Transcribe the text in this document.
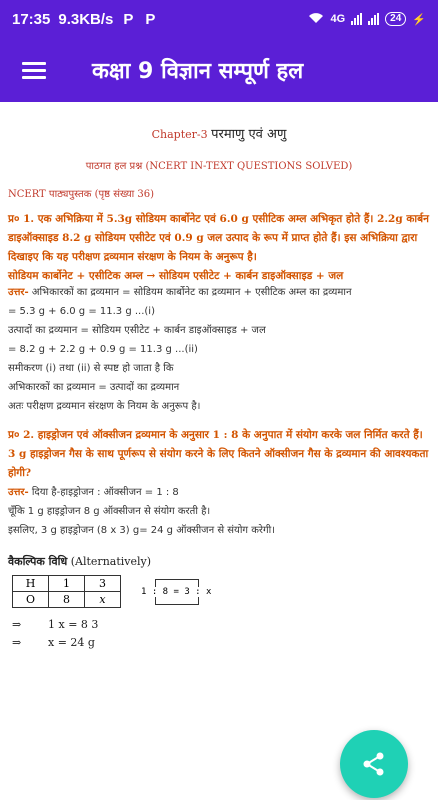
17:35 9.3KB/s P P	4G	24	⚡
कक्षा 9 विज्ञान सम्पूर्ण हल
Chapter-3 परमाणु एवं अणु
पाठगत हल प्रश्न (NCERT IN-TEXT QUESTIONS SOLVED)
NCERT पाठ्यपुस्तक (पृष्ठ संख्या 36)
प्र० 1. एक अभिक्रिया में 5.3g सोडियम कार्बोनेट एवं 6.0 g एसीटिक अम्ल अभिकृत होते हैं। 2.2g कार्बन डाइऑक्साइड 8.2 g सोडियम एसीटेट एवं 0.9 g जल उत्पाद के रूप में प्राप्त होते हैं। इस अभिक्रिया द्वारा दिखाइए कि यह परीक्षण द्रव्यमान संरक्षण के नियम के अनुरूप है।
सोडियम कार्बोनेट + एसीटिक अम्ल → सोडियम एसीटेट + कार्बन डाइऑक्साइड + जल
उत्तर- अभिकारकों का द्रव्यमान = सोडियम कार्बोनेट का द्रव्यमान + एसीटिक अम्ल का द्रव्यमान
= 5.3 g + 6.0 g = 11.3 g ...(i)
उत्पादों का द्रव्यमान = सोडियम एसीटेट + कार्बन डाइऑक्साइड + जल
= 8.2 g + 2.2 g + 0.9 g = 11.3 g ...(ii)
समीकरण (i) तथा (ii) से स्पष्ट हो जाता है कि
अभिकारकों का द्रव्यमान = उत्पादों का द्रव्यमान
अतः परीक्षण द्रव्यमान संरक्षण के नियम के अनुरूप है।
प्र० 2. हाइड्रोजन एवं ऑक्सीजन द्रव्यमान के अनुसार 1 : 8 के अनुपात में संयोग करके जल निर्मित करते हैं। 3 g हाइड्रोजन गैस के साथ पूर्णरूप से संयोग करने के लिए कितने ऑक्सीजन गैस के द्रव्यमान की आवश्यकता होगी?
उत्तर- दिया है-हाइड्रोजन : ऑक्सीजन = 1 : 8
चूँकि 1 g हाइड्रोजन 8 g ऑक्सीजन से संयोग करती है।
इसलिए, 3 g हाइड्रोजन (8 x 3) g= 24 g ऑक्सीजन से संयोग करेगी।
वैकल्पिक विधि (Alternatively)
H	1	3
O	8	x
1 : 8 = 3 : x
⇒	1 x = 8 3
⇒	x = 24 g
